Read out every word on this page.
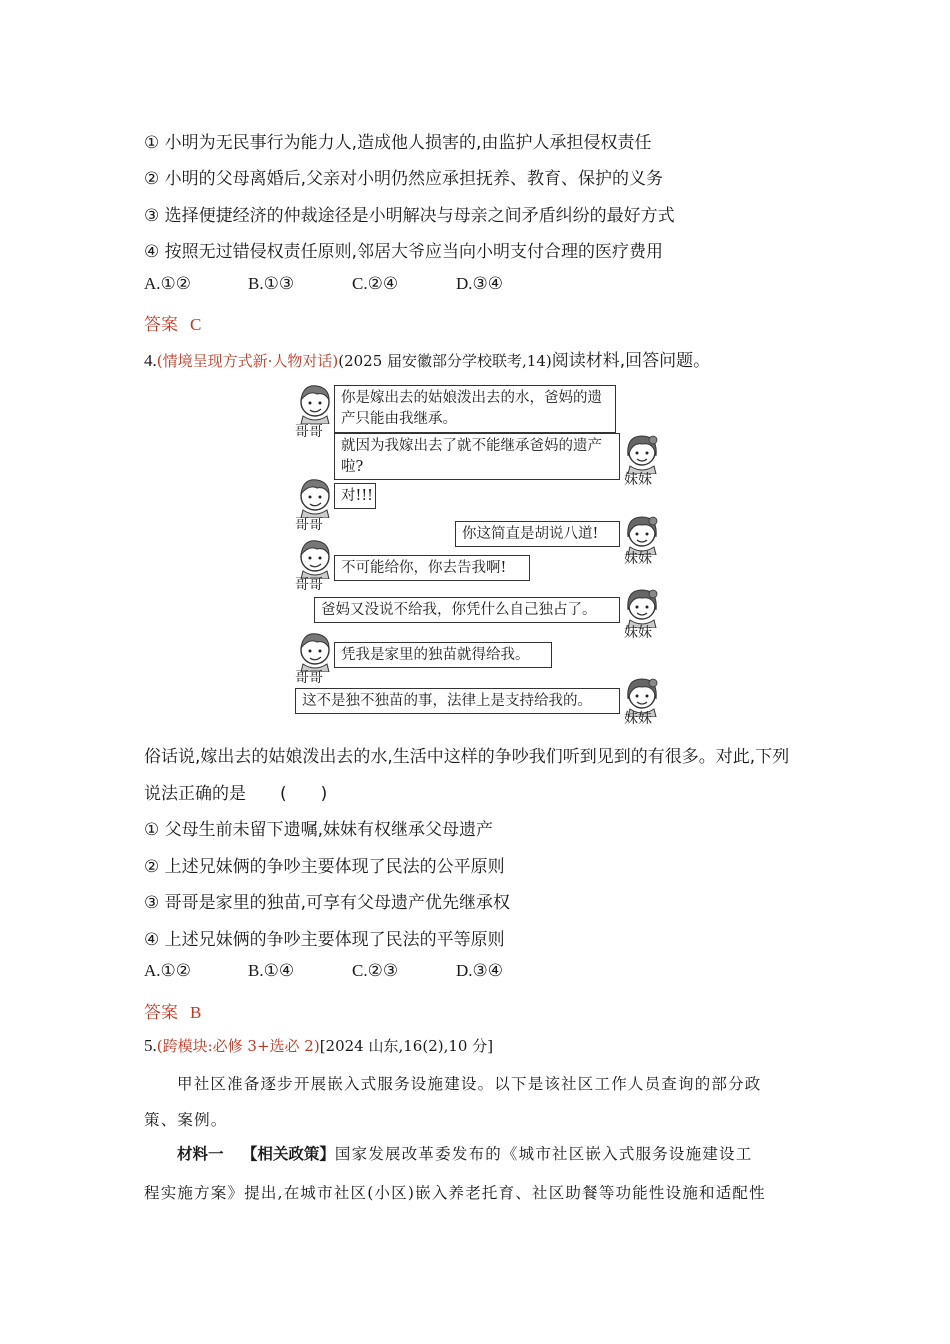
① 小明为无民事行为能力人,造成他人损害的,由监护人承担侵权责任
② 小明的父母离婚后,父亲对小明仍然应承担抚养、教育、保护的义务
③ 选择便捷经济的仲裁途径是小明解决与母亲之间矛盾纠纷的最好方式
④ 按照无过错侵权责任原则,邻居大爷应当向小明支付合理的医疗费用
A.①②	B.①③	C.②④	D.③④
答案 C
4.(情境呈现方式新·人物对话)(2025 届安徽部分学校联考,14)阅读材料,回答问题。
哥哥
你是嫁出去的姑娘泼出去的水，爸妈的遗产只能由我继承。
就因为我嫁出去了就不能继承爸妈的遗产啦?
妹妹
哥哥
对!!!
你这简直是胡说八道!
妹妹
哥哥
不可能给你，你去告我啊!
爸妈又没说不给我，你凭什么自己独占了。
妹妹
哥哥
凭我是家里的独苗就得给我。
这不是独不独苗的事，法律上是支持给我的。
妹妹
俗话说,嫁出去的姑娘泼出去的水,生活中这样的争吵我们听到见到的有很多。对此,下列
说法正确的是　　(　　)
① 父母生前未留下遗嘱,妹妹有权继承父母遗产
② 上述兄妹俩的争吵主要体现了民法的公平原则
③ 哥哥是家里的独苗,可享有父母遗产优先继承权
④ 上述兄妹俩的争吵主要体现了民法的平等原则
A.①②	B.①④	C.②③	D.③④
答案 B
5.(跨模块:必修 3+选必 2)[2024 山东,16(2),10 分]
甲社区准备逐步开展嵌入式服务设施建设。以下是该社区工作人员查询的部分政
策、案例。
材料一 【相关政策】国家发展改革委发布的《城市社区嵌入式服务设施建设工
程实施方案》提出,在城市社区(小区)嵌入养老托育、社区助餐等功能性设施和适配性
